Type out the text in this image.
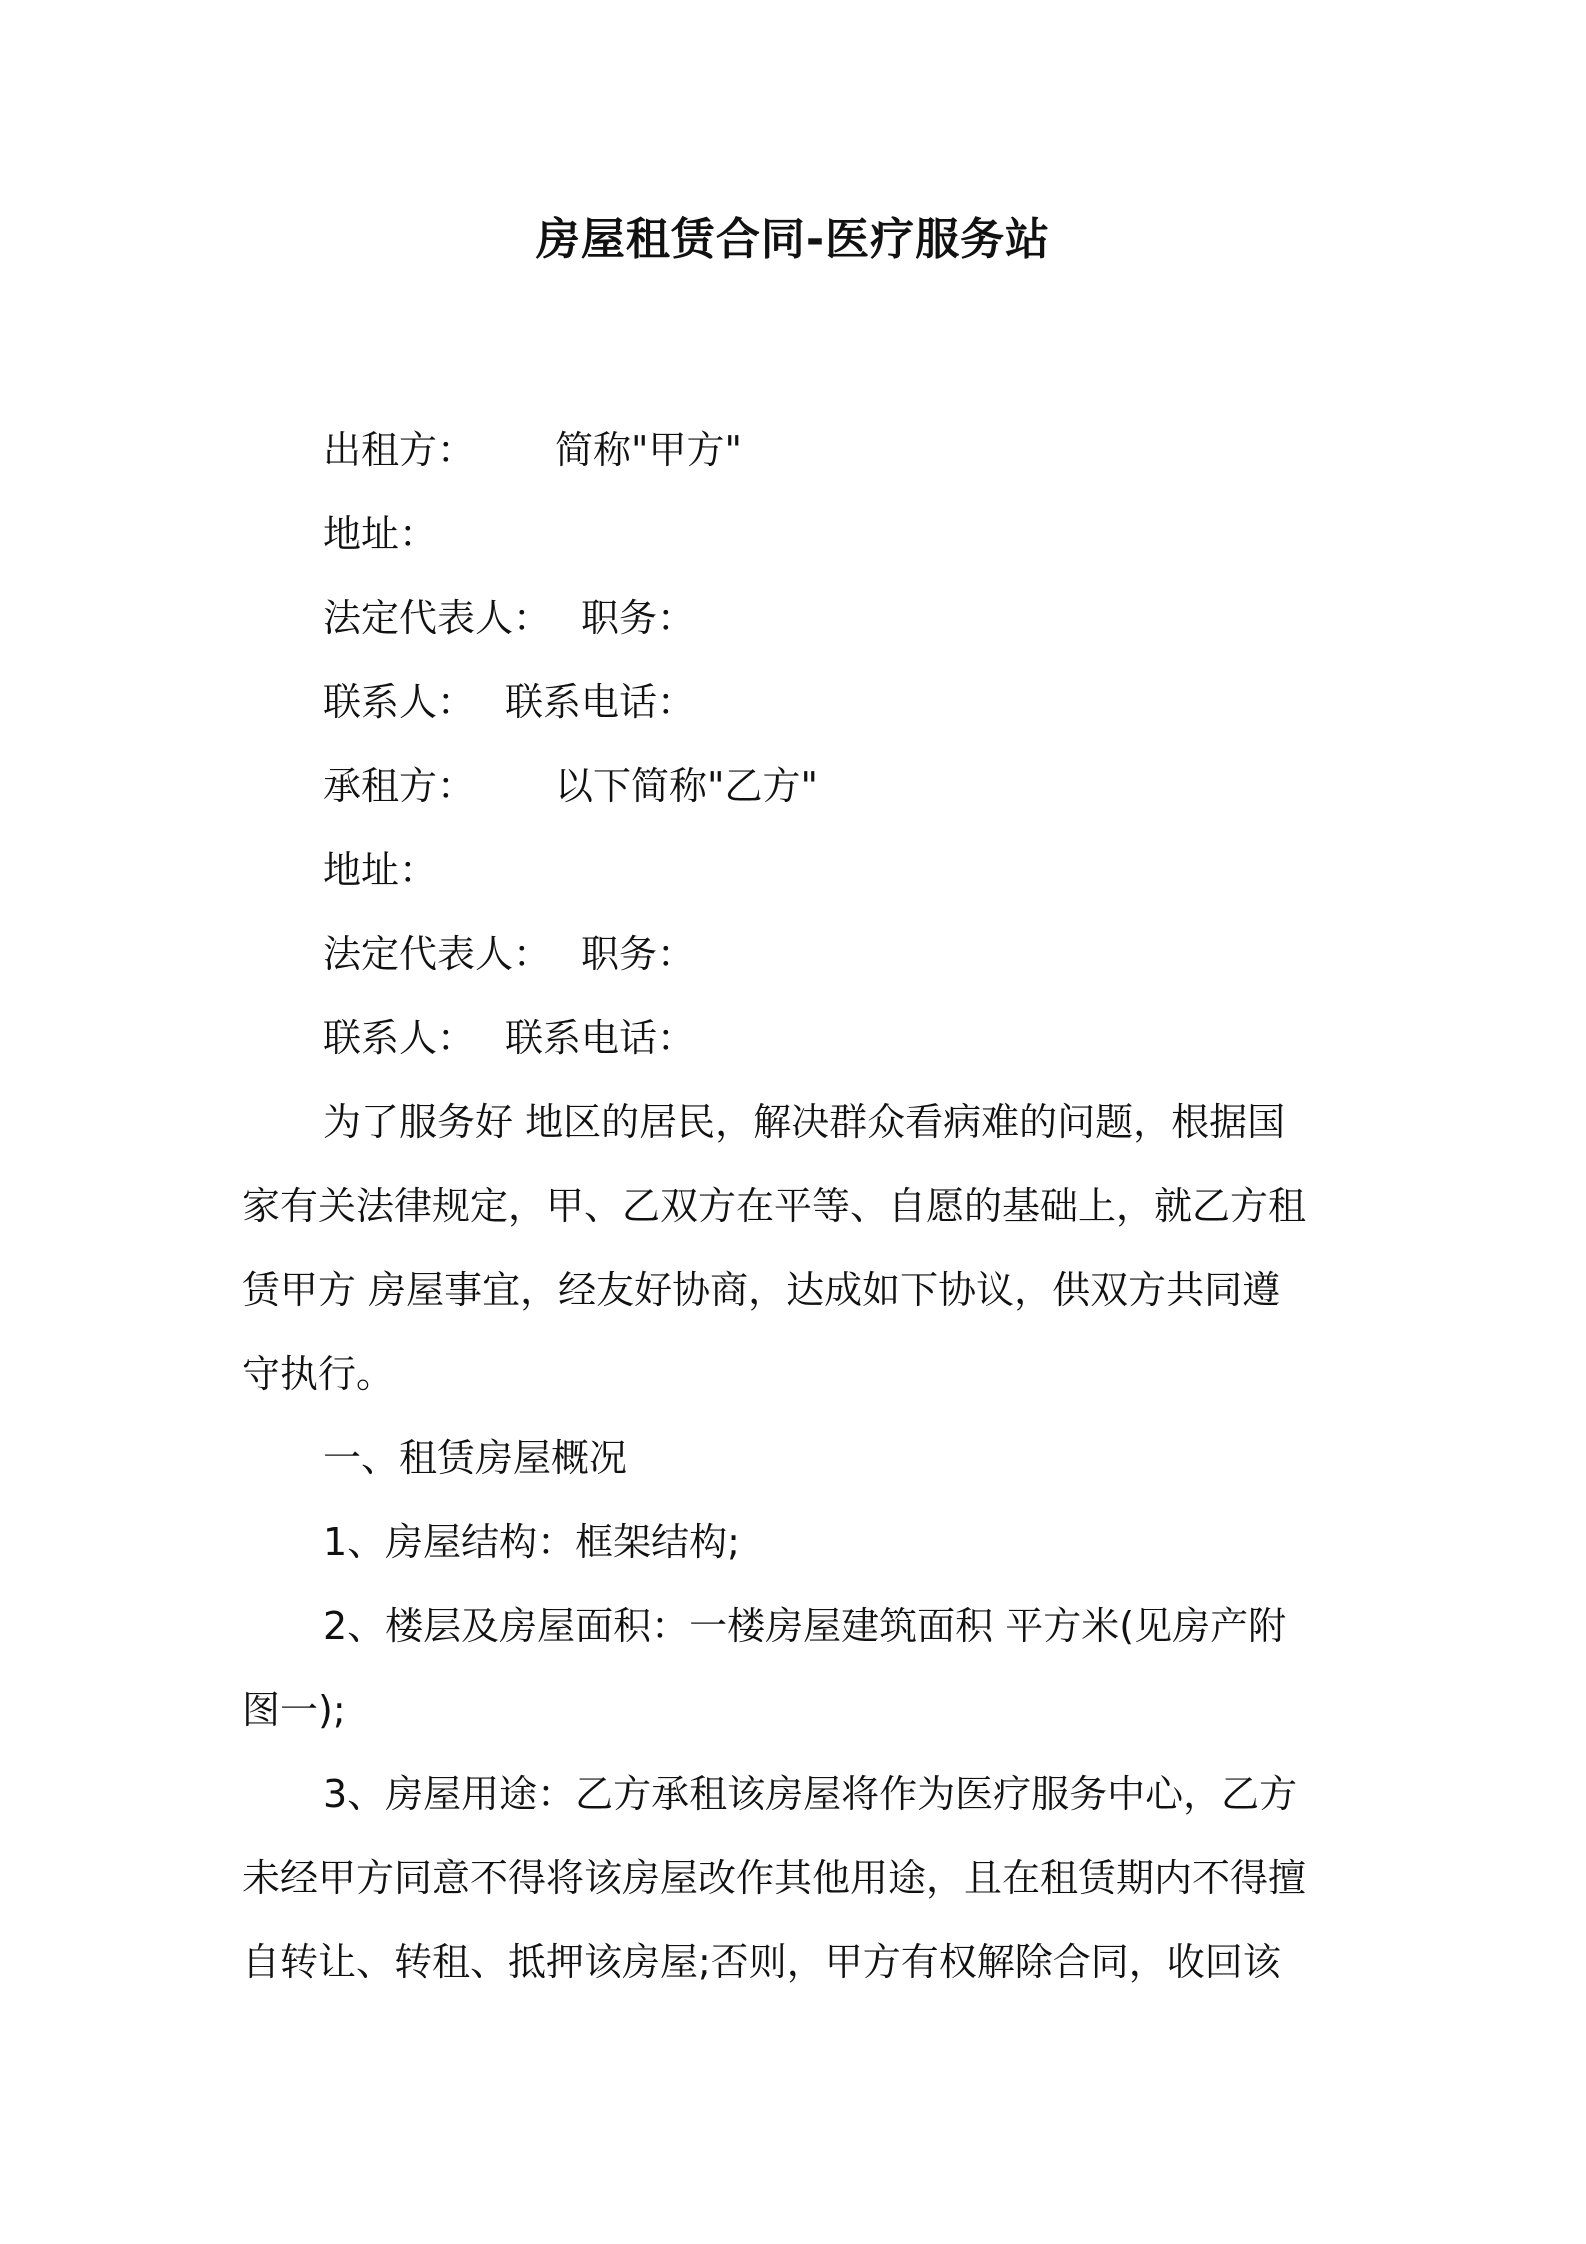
房屋租赁合同-医疗服务站
出租方： 简称"甲方"
地址：
法定代表人： 职务：
联系人： 联系电话：
承租方： 以下简称"乙方"
地址：
法定代表人： 职务：
联系人： 联系电话：
为了服务好 地区的居民，解决群众看病难的问题，根据国
家有关法律规定，甲、乙双方在平等、自愿的基础上，就乙方租
赁甲方 房屋事宜，经友好协商，达成如下协议，供双方共同遵
守执行。
一、租赁房屋概况
1、房屋结构：框架结构;
2、楼层及房屋面积：一楼房屋建筑面积 平方米(见房产附
图一);
3、房屋用途：乙方承租该房屋将作为医疗服务中心，乙方
未经甲方同意不得将该房屋改作其他用途，且在租赁期内不得擅
自转让、转租、抵押该房屋;否则，甲方有权解除合同，收回该
